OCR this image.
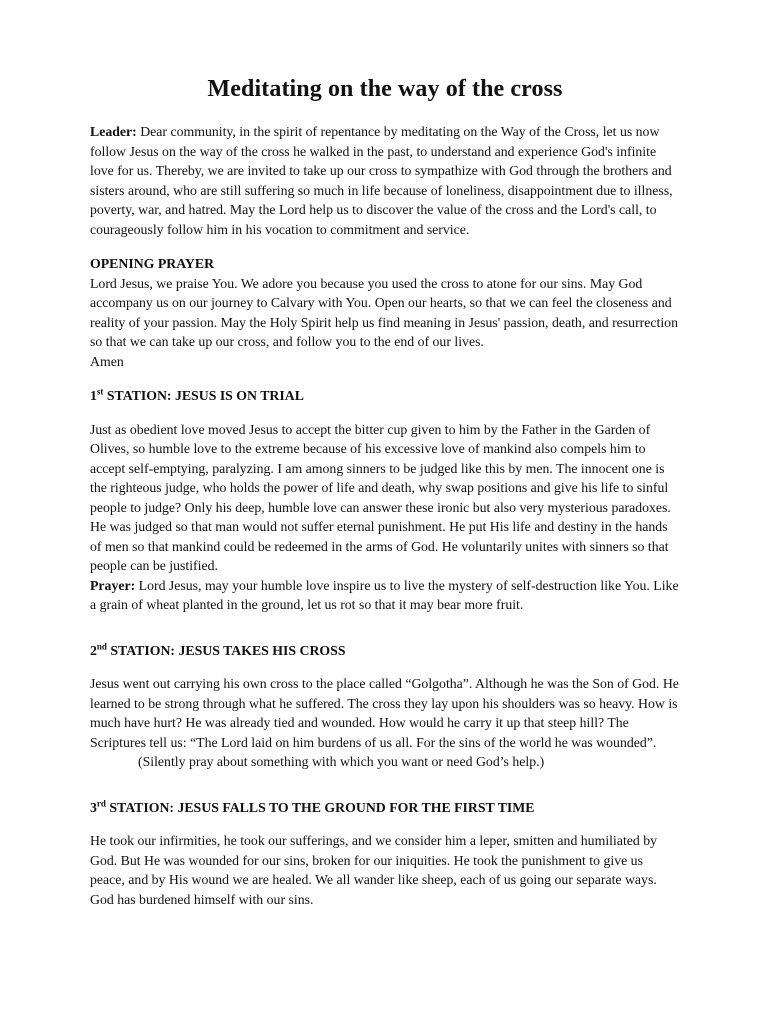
Meditating on the way of the cross

Leader: Dear community, in the spirit of repentance by meditating on the Way of the Cross, let us now follow Jesus on the way of the cross he walked in the past, to understand and experience God's infinite love for us. Thereby, we are invited to take up our cross to sympathize with God through the brothers and sisters around, who are still suffering so much in life because of loneliness, disappointment due to illness, poverty, war, and hatred. May the Lord help us to discover the value of the cross and the Lord's call, to courageously follow him in his vocation to commitment and service.

OPENING PRAYER

Lord Jesus, we praise You. We adore you because you used the cross to atone for our sins. May God accompany us on our journey to Calvary with You. Open our hearts, so that we can feel the closeness and reality of your passion. May the Holy Spirit help us find meaning in Jesus' passion, death, and resurrection so that we can take up our cross, and follow you to the end of our lives.

Amen

1st STATION: JESUS IS ON TRIAL

Just as obedient love moved Jesus to accept the bitter cup given to him by the Father in the Garden of Olives, so humble love to the extreme because of his excessive love of mankind also compels him to accept self-emptying, paralyzing. I am among sinners to be judged like this by men. The innocent one is the righteous judge, who holds the power of life and death, why swap positions and give his life to sinful people to judge? Only his deep, humble love can answer these ironic but also very mysterious paradoxes. He was judged so that man would not suffer eternal punishment. He put His life and destiny in the hands of men so that mankind could be redeemed in the arms of God. He voluntarily unites with sinners so that people can be justified.

Prayer: Lord Jesus, may your humble love inspire us to live the mystery of self-destruction like You. Like a grain of wheat planted in the ground, let us rot so that it may bear more fruit.

2nd STATION: JESUS TAKES HIS CROSS

Jesus went out carrying his own cross to the place called “Golgotha”. Although he was the Son of God. He learned to be strong through what he suffered. The cross they lay upon his shoulders was so heavy. How is much have hurt? He was already tied and wounded. How would he carry it up that steep hill? The Scriptures tell us: “The Lord laid on him burdens of us all. For the sins of the world he was wounded”.

(Silently pray about something with which you want or need God’s help.)

3rd STATION: JESUS FALLS TO THE GROUND FOR THE FIRST TIME

He took our infirmities, he took our sufferings, and we consider him a leper, smitten and humiliated by God. But He was wounded for our sins, broken for our iniquities. He took the punishment to give us peace, and by His wound we are healed. We all wander like sheep, each of us going our separate ways. God has burdened himself with our sins.
